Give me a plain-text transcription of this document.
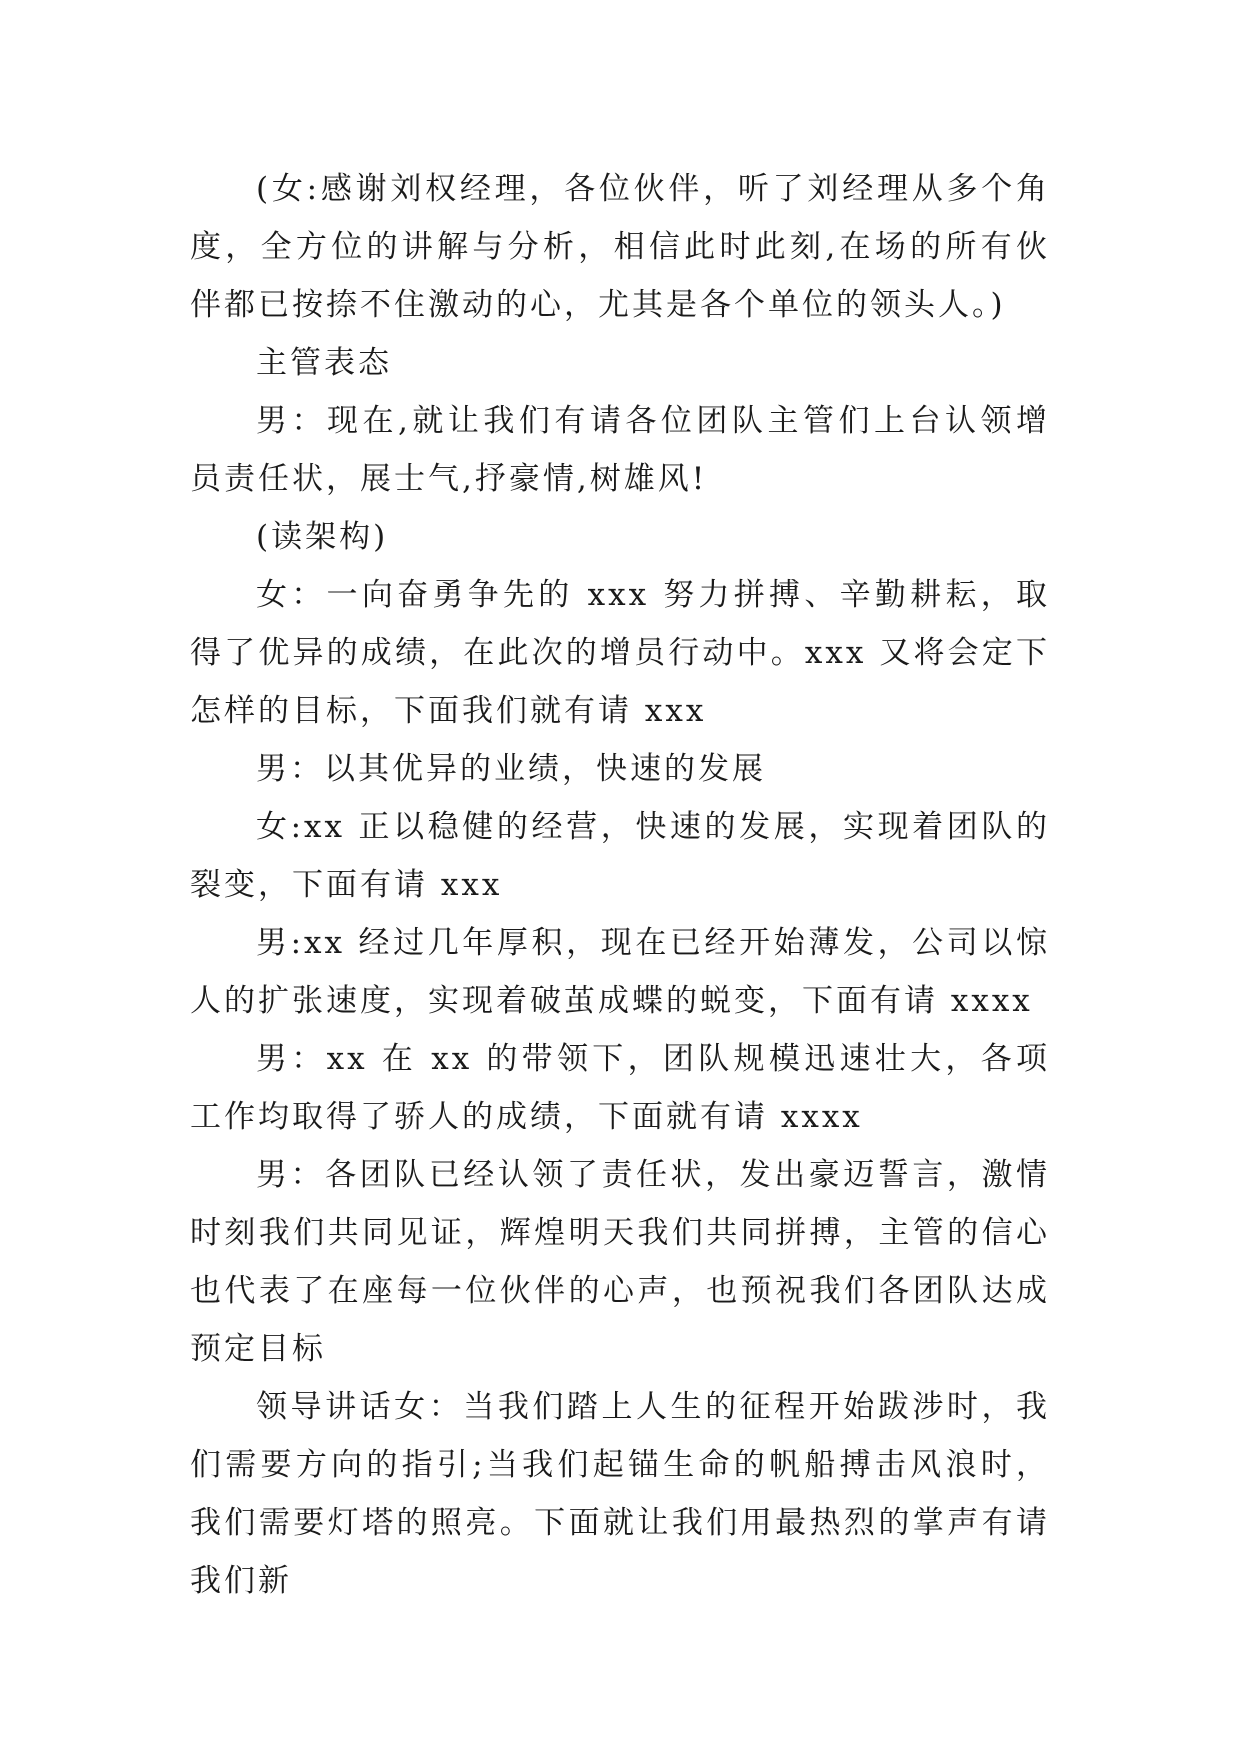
(女:感谢刘权经理，各位伙伴，听了刘经理从多个角度，全方位的讲解与分析，相信此时此刻,在场的所有伙伴都已按捺不住激动的心，尤其是各个单位的领头人。)

主管表态

男：现在,就让我们有请各位团队主管们上台认领增员责任状，展士气,抒豪情,树雄风!

(读架构)

女：一向奋勇争先的 xxx 努力拼搏、辛勤耕耘，取得了优异的成绩，在此次的增员行动中。xxx 又将会定下怎样的目标，下面我们就有请 xxx

男：以其优异的业绩，快速的发展

女:xx 正以稳健的经营，快速的发展，实现着团队的裂变，下面有请 xxx

男:xx 经过几年厚积，现在已经开始薄发，公司以惊人的扩张速度，实现着破茧成蝶的蜕变，下面有请 xxxx

男：xx 在 xx 的带领下，团队规模迅速壮大，各项工作均取得了骄人的成绩，下面就有请 xxxx

男：各团队已经认领了责任状，发出豪迈誓言，激情时刻我们共同见证，辉煌明天我们共同拼搏，主管的信心也代表了在座每一位伙伴的心声，也预祝我们各团队达成预定目标

领导讲话女：当我们踏上人生的征程开始跋涉时，我们需要方向的指引;当我们起锚生命的帆船搏击风浪时，我们需要灯塔的照亮。下面就让我们用最热烈的掌声有请我们新
